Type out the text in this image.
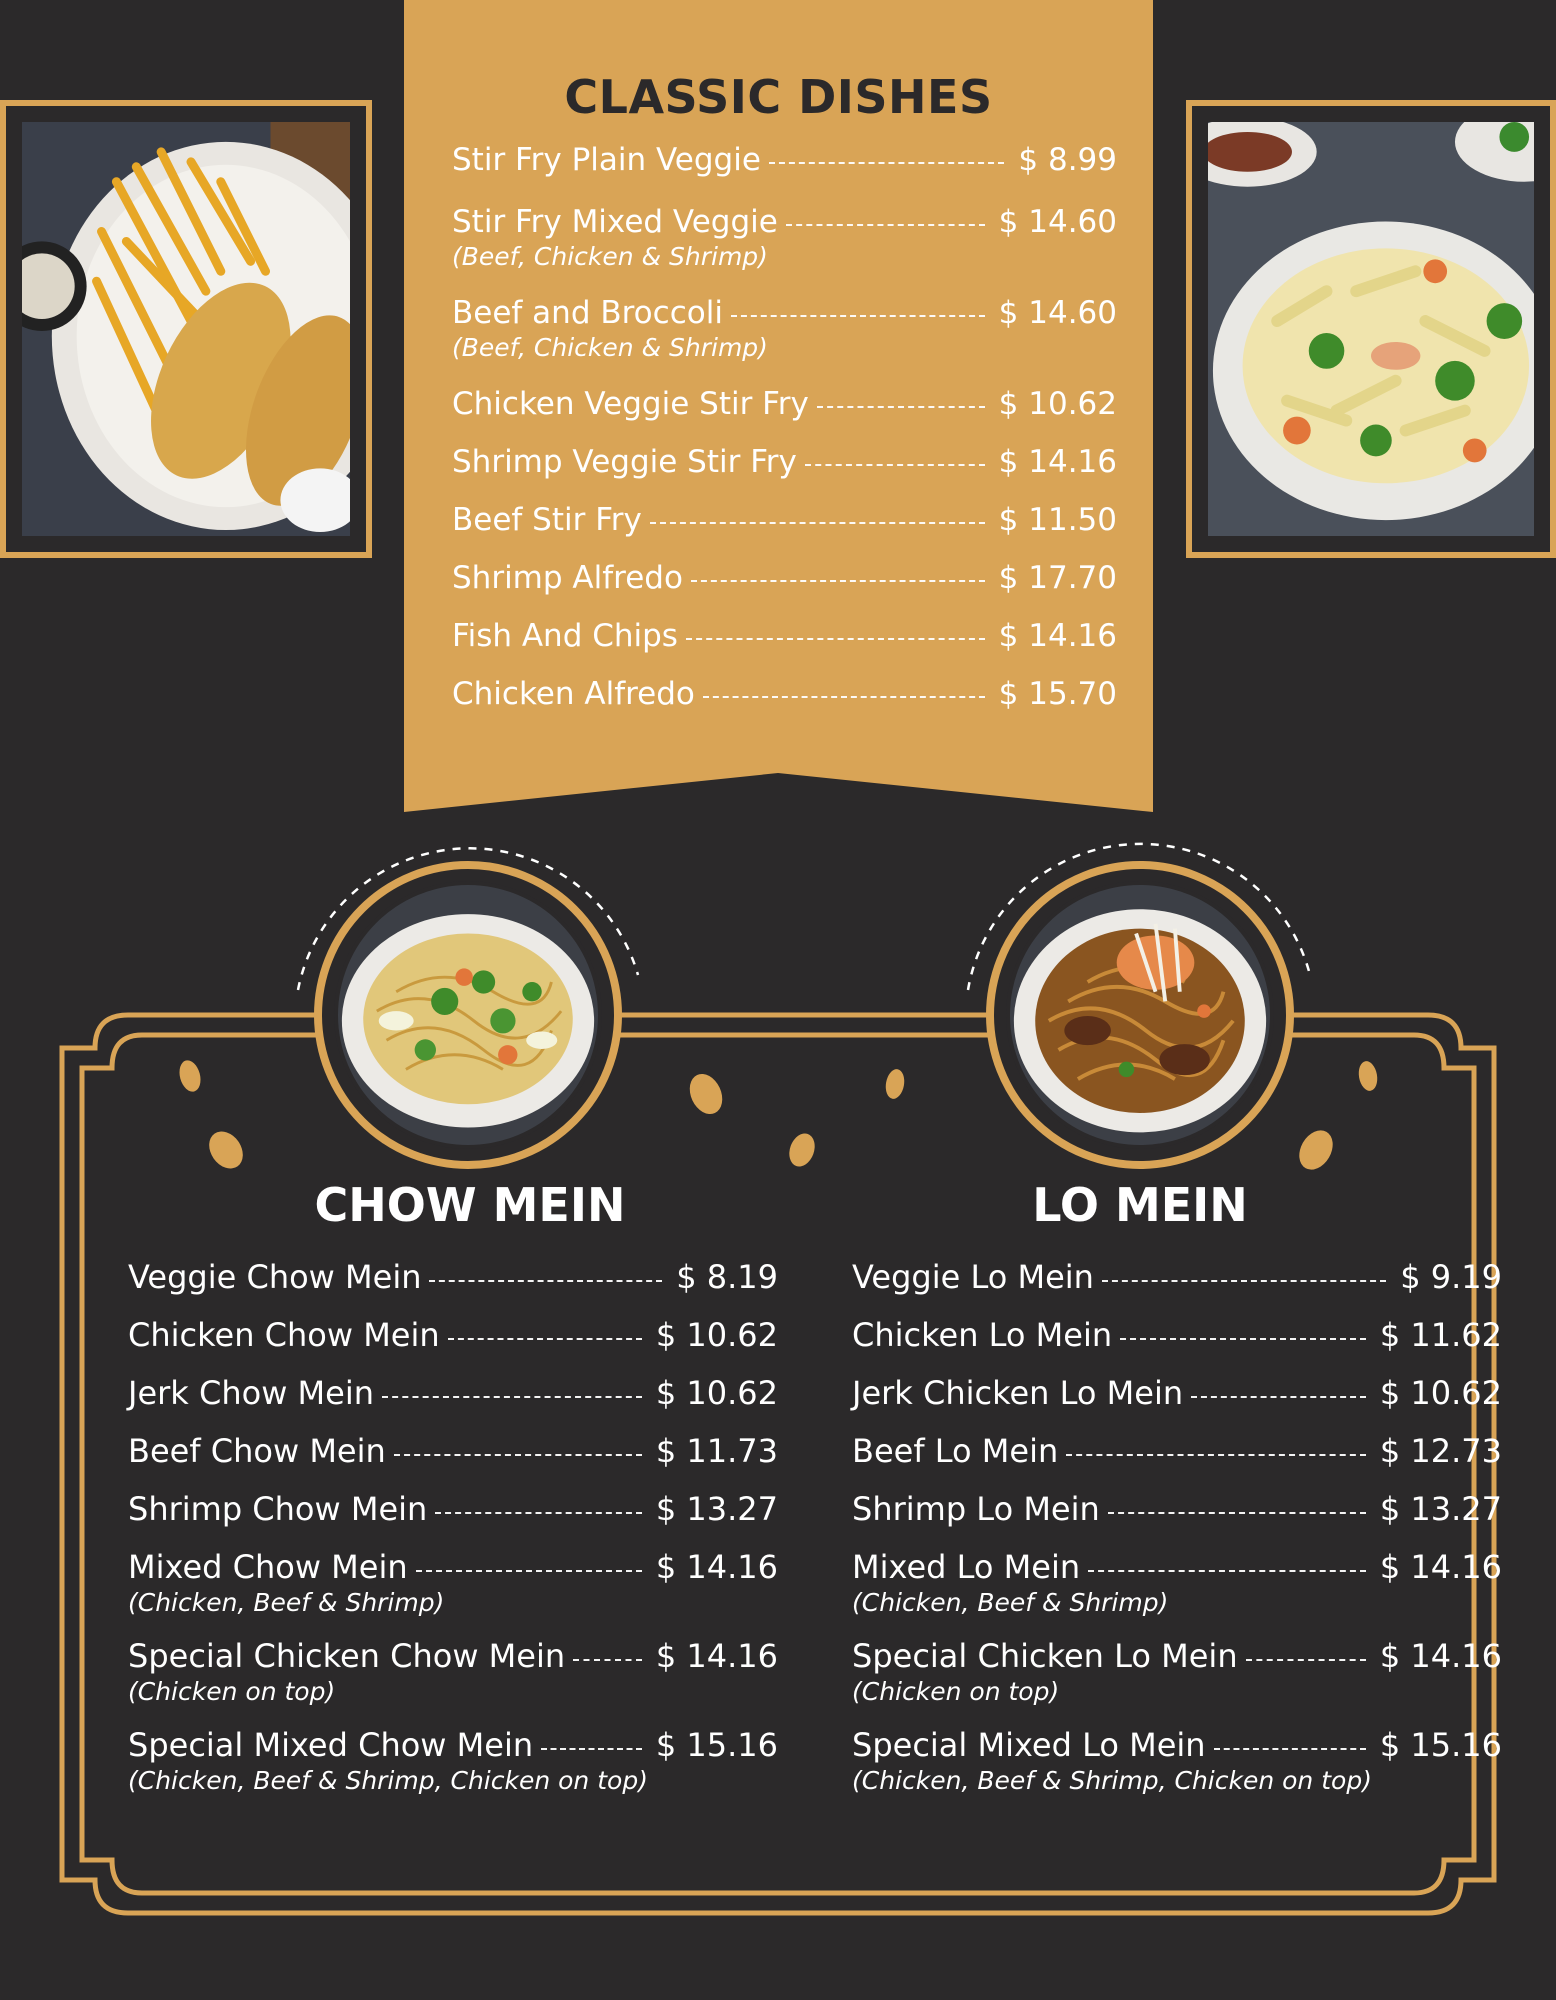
CLASSIC DISHES
Stir Fry Plain Veggie	$ 8.99
Stir Fry Mixed Veggie	$ 14.60
(Beef, Chicken & Shrimp)
Beef and Broccoli	$ 14.60
(Beef, Chicken & Shrimp)
Chicken Veggie Stir Fry	$ 10.62
Shrimp Veggie Stir Fry	$ 14.16
Beef Stir Fry	$ 11.50
Shrimp Alfredo	$ 17.70
Fish And Chips	$ 14.16
Chicken Alfredo	$ 15.70
CHOW MEIN	LO MEIN
Veggie Chow Mein	$ 8.19
Chicken Chow Mein	$ 10.62
Jerk Chow Mein	$ 10.62
Beef Chow Mein	$ 11.73
Shrimp Chow Mein	$ 13.27
Mixed Chow Mein	$ 14.16
(Chicken, Beef & Shrimp)
Special Chicken Chow Mein	$ 14.16
(Chicken on top)
Special Mixed Chow Mein	$ 15.16
(Chicken, Beef & Shrimp, Chicken on top)
Veggie Lo Mein	$ 9.19
Chicken Lo Mein	$ 11.62
Jerk Chicken Lo Mein	$ 10.62
Beef Lo Mein	$ 12.73
Shrimp Lo Mein	$ 13.27
Mixed Lo Mein	$ 14.16
(Chicken, Beef & Shrimp)
Special Chicken Lo Mein	$ 14.16
(Chicken on top)
Special Mixed Lo Mein	$ 15.16
(Chicken, Beef & Shrimp, Chicken on top)
